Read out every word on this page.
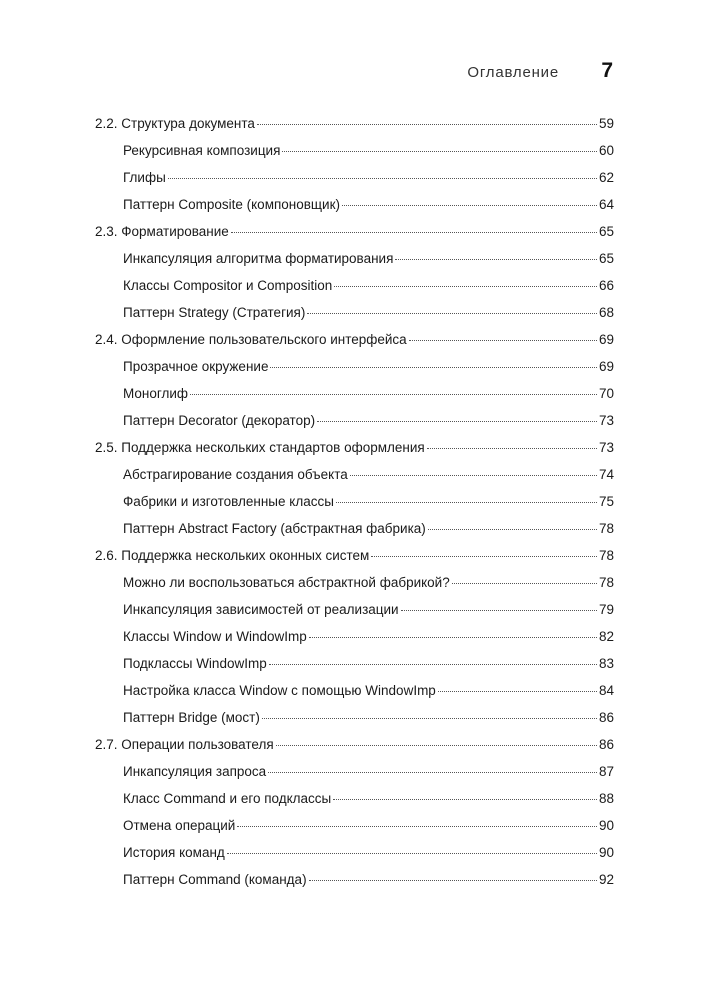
Оглавление 7
2.2. Структура документа	59
Рекурсивная композиция	60
Глифы	62
Паттерн Composite (компоновщик)	64
2.3. Форматирование	65
Инкапсуляция алгоритма форматирования	65
Классы Compositor и Composition	66
Паттерн Strategy (Стратегия)	68
2.4. Оформление пользовательского интерфейса	69
Прозрачное окружение	69
Моноглиф	70
Паттерн Decorator (декоратор)	73
2.5. Поддержка нескольких стандартов оформления	73
Абстрагирование создания объекта	74
Фабрики и изготовленные классы	75
Паттерн Abstract Factory (абстрактная фабрика)	78
2.6. Поддержка нескольких оконных систем	78
Можно ли воспользоваться абстрактной фабрикой?	78
Инкапсуляция зависимостей от реализации	79
Классы Window и WindowImp	82
Подклассы WindowImp	83
Настройка класса Window с помощью WindowImp	84
Паттерн Bridge (мост)	86
2.7. Операции пользователя	86
Инкапсуляция запроса	87
Класс Command и его подклассы	88
Отмена операций	90
История команд	90
Паттерн Command (команда)	92
